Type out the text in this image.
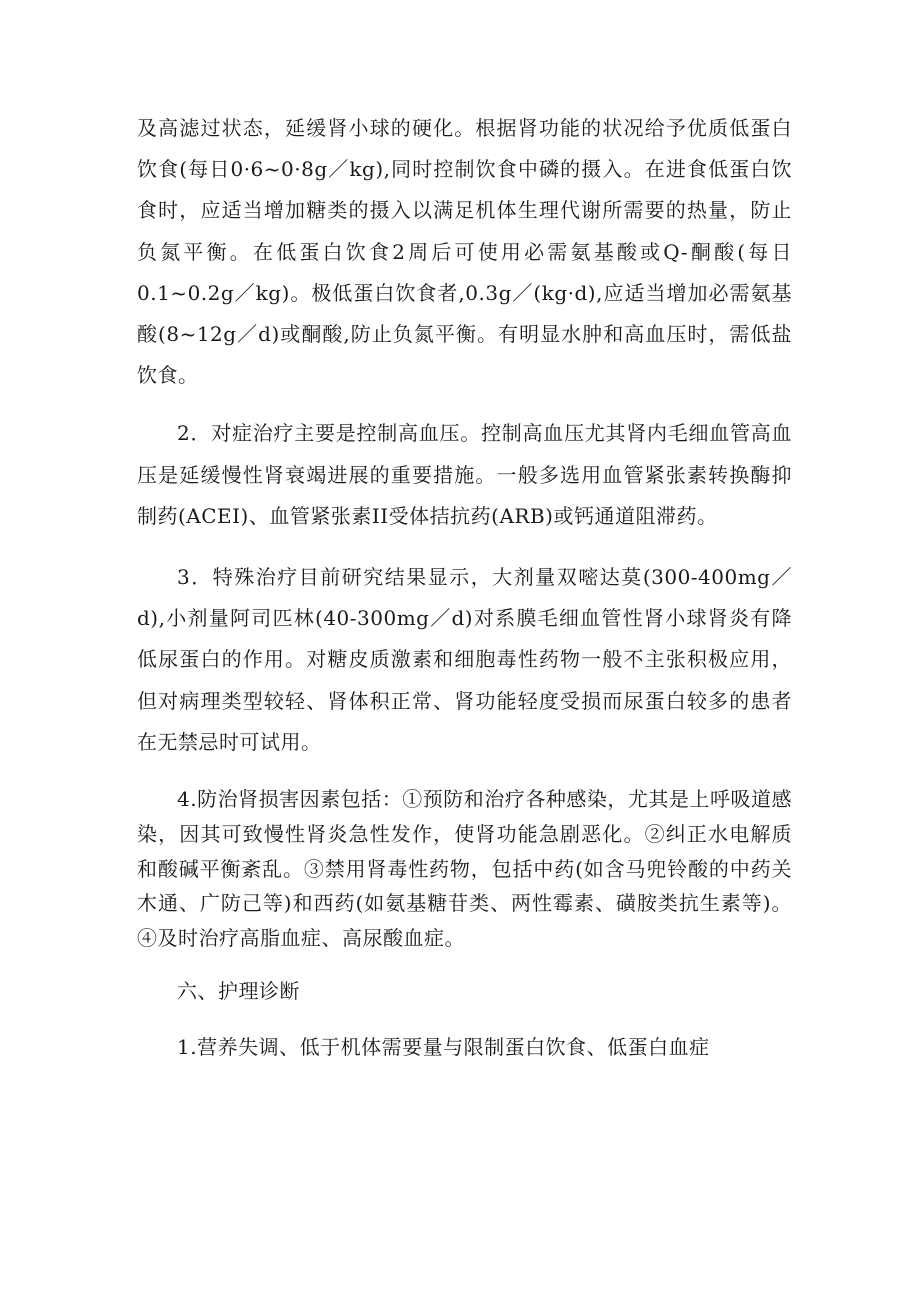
及高滤过状态，延缓肾小球的硬化。根据肾功能的状况给予优质低蛋白饮食(每日0·6~0·8g／kg),同时控制饮食中磷的摄入。在进食低蛋白饮食时，应适当增加糖类的摄入以满足机体生理代谢所需要的热量，防止负氮平衡。在低蛋白饮食2周后可使用必需氨基酸或Q-酮酸(每日0.1~0.2g／kg)。极低蛋白饮食者,0.3g／(kg·d),应适当增加必需氨基酸(8~12g／d)或酮酸,防止负氮平衡。有明显水肿和高血压时，需低盐饮食。

2．对症治疗主要是控制高血压。控制高血压尤其肾内毛细血管高血压是延缓慢性肾衰竭进展的重要措施。一般多选用血管紧张素转换酶抑制药(ACEI)、血管紧张素II受体拮抗药(ARB)或钙通道阻滞药。

3．特殊治疗目前研究结果显示，大剂量双嘧达莫(300-400mg／d),小剂量阿司匹林(40-300mg／d)对系膜毛细血管性肾小球肾炎有降低尿蛋白的作用。对糖皮质激素和细胞毒性药物一般不主张积极应用，但对病理类型较轻、肾体积正常、肾功能轻度受损而尿蛋白较多的患者在无禁忌时可试用。

4.防治肾损害因素包括：①预防和治疗各种感染，尤其是上呼吸道感染，因其可致慢性肾炎急性发作，使肾功能急剧恶化。②纠正水电解质和酸碱平衡紊乱。③禁用肾毒性药物，包括中药(如含马兜铃酸的中药关木通、广防己等)和西药(如氨基糖苷类、两性霉素、磺胺类抗生素等)。④及时治疗高脂血症、高尿酸血症。

六、护理诊断

1.营养失调、低于机体需要量与限制蛋白饮食、低蛋白血症
